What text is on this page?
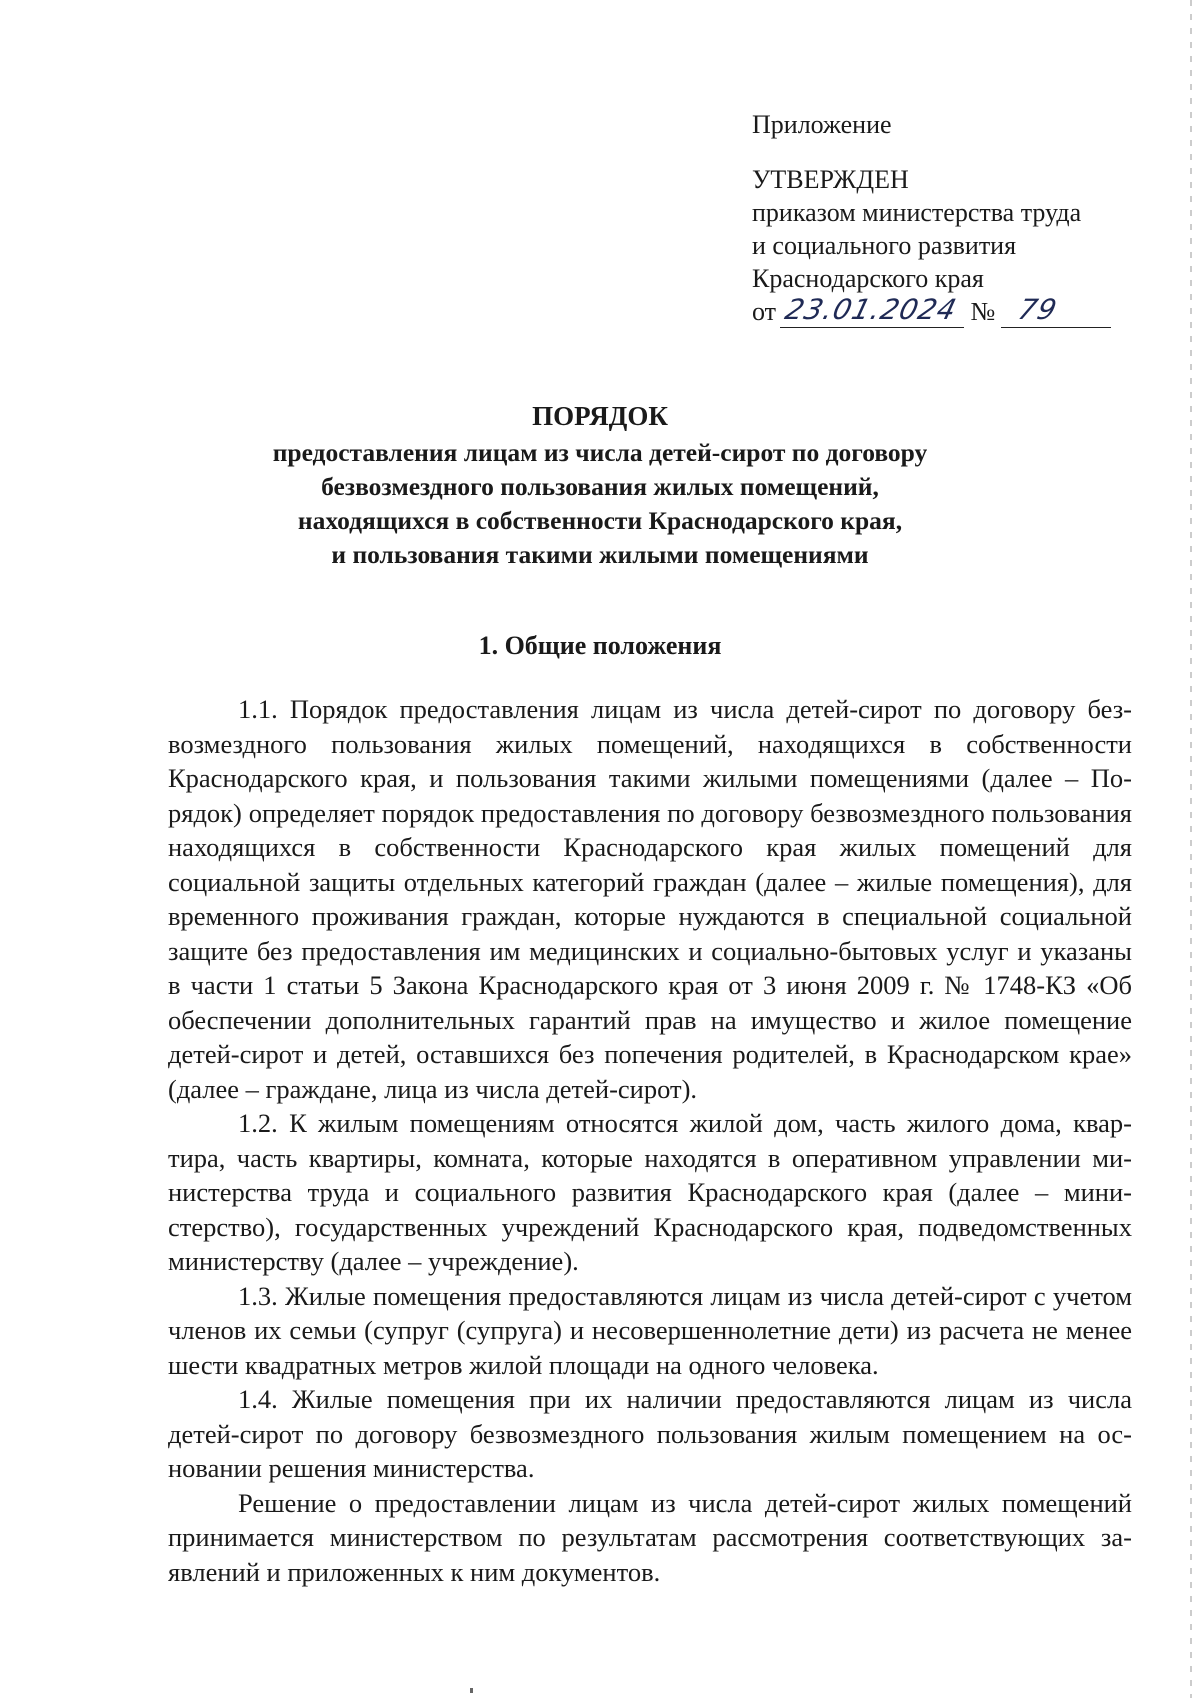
Приложение
УТВЕРЖДЕН
приказом министерства труда
и социального развития
Краснодарского края
от 23.01.2024 № 79
ПОРЯДОК
предоставления лицам из числа детей-сирот по договору
безвозмездного пользования жилых помещений,
находящихся в собственности Краснодарского края,
и пользования такими жилыми помещениями
1. Общие положения

1.1. Порядок предоставления лицам из числа детей-сирот по договору безвозмездного пользования жилых помещений, находящихся в собственности Краснодарского края, и пользования такими жилыми помещениями (далее – Порядок) определяет порядок предоставления по договору безвозмездного пользования находящихся в собственности Краснодарского края жилых помещений для социальной защиты отдельных категорий граждан (далее – жилые помещения), для временного проживания граждан, которые нуждаются в специальной социальной защите без предоставления им медицинских и социально-бытовых услуг и указаны в части 1 статьи 5 Закона Краснодарского края от 3 июня 2009 г. № 1748-КЗ «Об обеспечении дополнительных гарантий прав на имущество и жилое помещение детей-сирот и детей, оставшихся без попечения родителей, в Краснодарском крае» (далее – граждане, лица из числа детей-сирот).

1.2. К жилым помещениям относятся жилой дом, часть жилого дома, квартира, часть квартиры, комната, которые находятся в оперативном управлении министерства труда и социального развития Краснодарского края (далее – министерство), государственных учреждений Краснодарского края, подведомственных министерству (далее – учреждение).

1.3. Жилые помещения предоставляются лицам из числа детей-сирот с учетом членов их семьи (супруг (супруга) и несовершеннолетние дети) из расчета не менее шести квадратных метров жилой площади на одного человека.

1.4. Жилые помещения при их наличии предоставляются лицам из числа детей-сирот по договору безвозмездного пользования жилым помещением на основании решения министерства.

Решение о предоставлении лицам из числа детей-сирот жилых помещений принимается министерством по результатам рассмотрения соответствующих заявлений и приложенных к ним документов.
